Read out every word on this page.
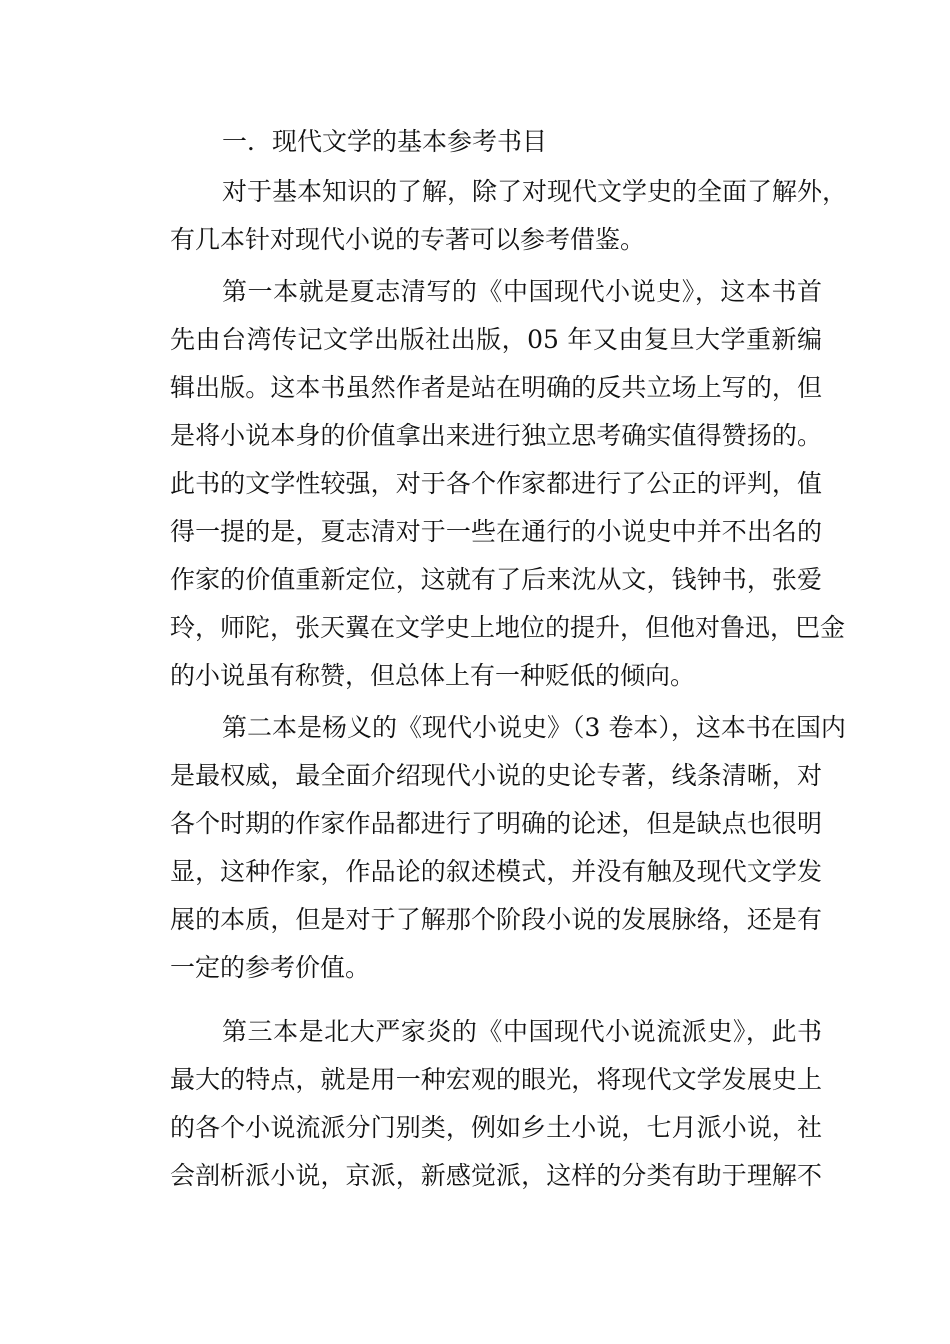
一．现代文学的基本参考书目
对于基本知识的了解，除了对现代文学史的全面了解外，
有几本针对现代小说的专著可以参考借鉴。
第一本就是夏志清写的《中国现代小说史》，这本书首
先由台湾传记文学出版社出版，05 年又由复旦大学重新编
辑出版。这本书虽然作者是站在明确的反共立场上写的，但
是将小说本身的价值拿出来进行独立思考确实值得赞扬的。
此书的文学性较强，对于各个作家都进行了公正的评判，值
得一提的是，夏志清对于一些在通行的小说史中并不出名的
作家的价值重新定位，这就有了后来沈从文，钱钟书，张爱
玲，师陀，张天翼在文学史上地位的提升，但他对鲁迅，巴金
的小说虽有称赞，但总体上有一种贬低的倾向。
第二本是杨义的《现代小说史》（3 卷本），这本书在国内
是最权威，最全面介绍现代小说的史论专著，线条清晰，对
各个时期的作家作品都进行了明确的论述，但是缺点也很明
显，这种作家，作品论的叙述模式，并没有触及现代文学发
展的本质，但是对于了解那个阶段小说的发展脉络，还是有
一定的参考价值。
第三本是北大严家炎的《中国现代小说流派史》，此书
最大的特点，就是用一种宏观的眼光，将现代文学发展史上
的各个小说流派分门别类，例如乡土小说，七月派小说，社
会剖析派小说，京派，新感觉派，这样的分类有助于理解不
